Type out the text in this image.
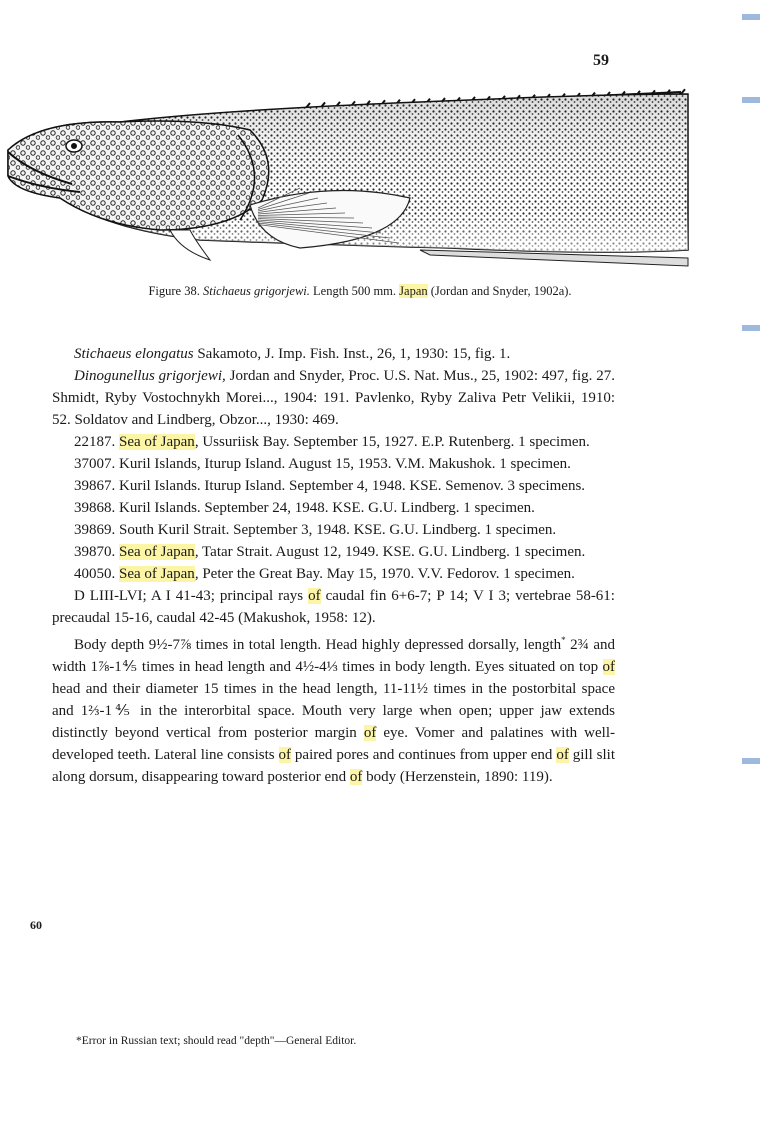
59
Figure 38. Stichaeus grigorjewi. Length 500 mm. Japan (Jordan and Snyder, 1902a).

Stichaeus elongatus Sakamoto, J. Imp. Fish. Inst., 26, 1, 1930: 15, fig. 1.

Dinogunellus grigorjewi, Jordan and Snyder, Proc. U.S. Nat. Mus., 25, 1902: 497, fig. 27. Shmidt, Ryby Vostochnykh Morei..., 1904: 191. Pavlenko, Ryby Zaliva Petr Velikii, 1910: 52. Soldatov and Lindberg, Obzor..., 1930: 469.

22187. Sea of Japan, Ussuriisk Bay. September 15, 1927. E.P. Rutenberg. 1 specimen.

37007. Kuril Islands, Iturup Island. August 15, 1953. V.M. Makushok. 1 specimen.

39867. Kuril Islands. Iturup Island. September 4, 1948. KSE. Semenov. 3 specimens.

39868. Kuril Islands. September 24, 1948. KSE. G.U. Lindberg. 1 specimen.

39869. South Kuril Strait. September 3, 1948. KSE. G.U. Lindberg. 1 specimen.

39870. Sea of Japan, Tatar Strait. August 12, 1949. KSE. G.U. Lindberg. 1 specimen.

40050. Sea of Japan, Peter the Great Bay. May 15, 1970. V.V. Fedorov. 1 specimen.

D LIII-LVI; A I 41-43; principal rays of caudal fin 6+6-7; P 14; V I 3; vertebrae 58-61: precaudal 15-16, caudal 42-45 (Makushok, 1958: 12).

Body depth 9½-7⅞ times in total length. Head highly depressed dorsally, length* 2¾ and width 1⅞-1⅘ times in head length and 4½-4⅓ times in body length. Eyes situated on top of head and their diameter 15 times in the head length, 11-11½ times in the postorbital space and 1⅔-1⅘ in the interorbital space. Mouth very large when open; upper jaw extends distinctly beyond vertical from posterior margin of eye. Vomer and palatines with well-developed teeth. Lateral line consists of paired pores and continues from upper end of gill slit along dorsum, disappearing toward posterior end of body (Herzenstein, 1890: 119).

60
*Error in Russian text; should read "depth"—General Editor.
